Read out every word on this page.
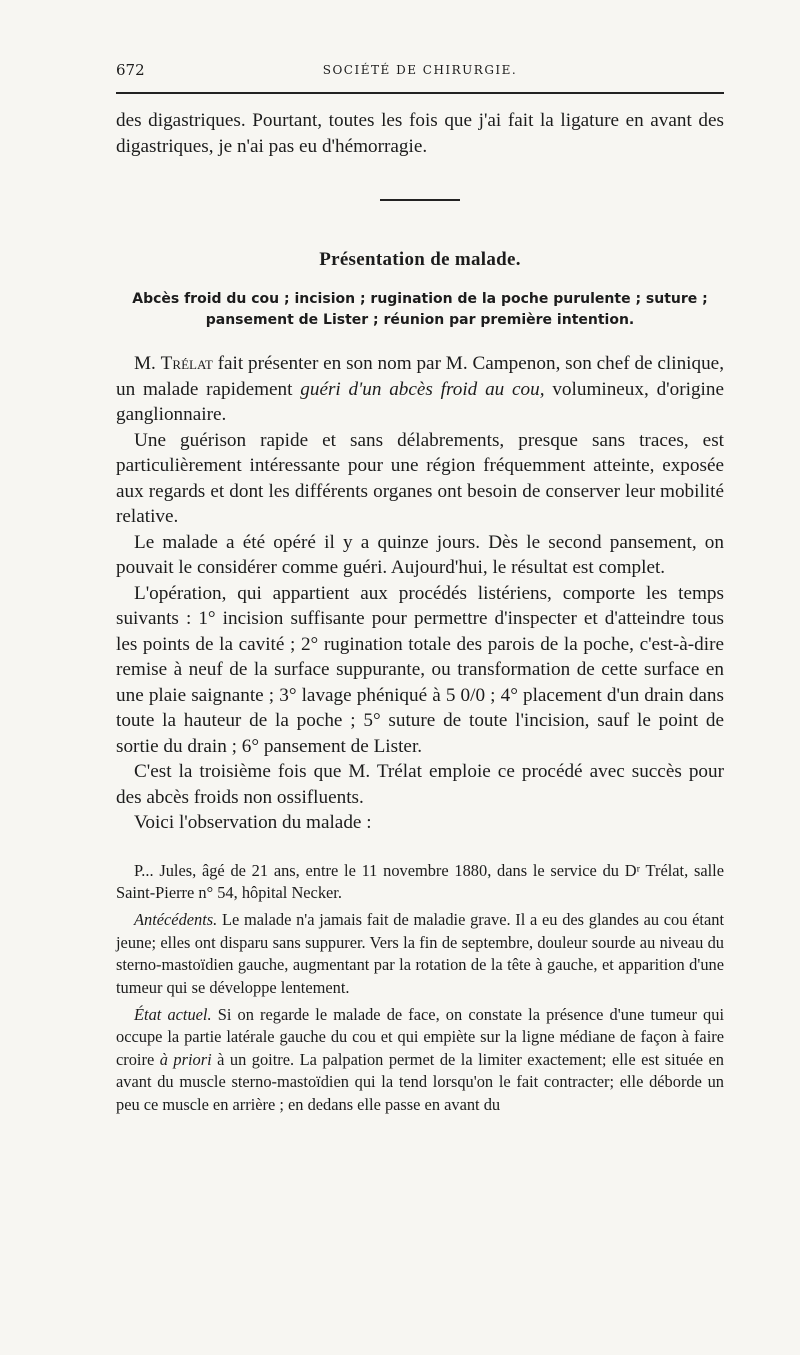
672	SOCIÉTÉ DE CHIRURGIE.

des digastriques. Pourtant, toutes les fois que j'ai fait la ligature en avant des digastriques, je n'ai pas eu d'hémorragie.

Présentation de malade.
Abcès froid du cou ; incision ; rugination de la poche purulente ; suture ; pansement de Lister ; réunion par première intention.

M. Trélat fait présenter en son nom par M. Campenon, son chef de clinique, un malade rapidement guéri d'un abcès froid au cou, volumineux, d'origine ganglionnaire.

Une guérison rapide et sans délabrements, presque sans traces, est particulièrement intéressante pour une région fréquemment atteinte, exposée aux regards et dont les différents organes ont besoin de conserver leur mobilité relative.

Le malade a été opéré il y a quinze jours. Dès le second pansement, on pouvait le considérer comme guéri. Aujourd'hui, le résultat est complet.

L'opération, qui appartient aux procédés listériens, comporte les temps suivants : 1° incision suffisante pour permettre d'inspecter et d'atteindre tous les points de la cavité ; 2° rugination totale des parois de la poche, c'est-à-dire remise à neuf de la surface suppurante, ou transformation de cette surface en une plaie saignante ; 3° lavage phéniqué à 5 0/0 ; 4° placement d'un drain dans toute la hauteur de la poche ; 5° suture de toute l'incision, sauf le point de sortie du drain ; 6° pansement de Lister.

C'est la troisième fois que M. Trélat emploie ce procédé avec succès pour des abcès froids non ossifluents.

Voici l'observation du malade :

P... Jules, âgé de 21 ans, entre le 11 novembre 1880, dans le service du Dʳ Trélat, salle Saint-Pierre n° 54, hôpital Necker.

Antécédents. Le malade n'a jamais fait de maladie grave. Il a eu des glandes au cou étant jeune; elles ont disparu sans suppurer. Vers la fin de septembre, douleur sourde au niveau du sterno-mastoïdien gauche, augmentant par la rotation de la tête à gauche, et apparition d'une tumeur qui se développe lentement.

État actuel. Si on regarde le malade de face, on constate la présence d'une tumeur qui occupe la partie latérale gauche du cou et qui empiète sur la ligne médiane de façon à faire croire à priori à un goitre. La palpation permet de la limiter exactement; elle est située en avant du muscle sterno-mastoïdien qui la tend lorsqu'on le fait contracter; elle déborde un peu ce muscle en arrière ; en dedans elle passe en avant du
